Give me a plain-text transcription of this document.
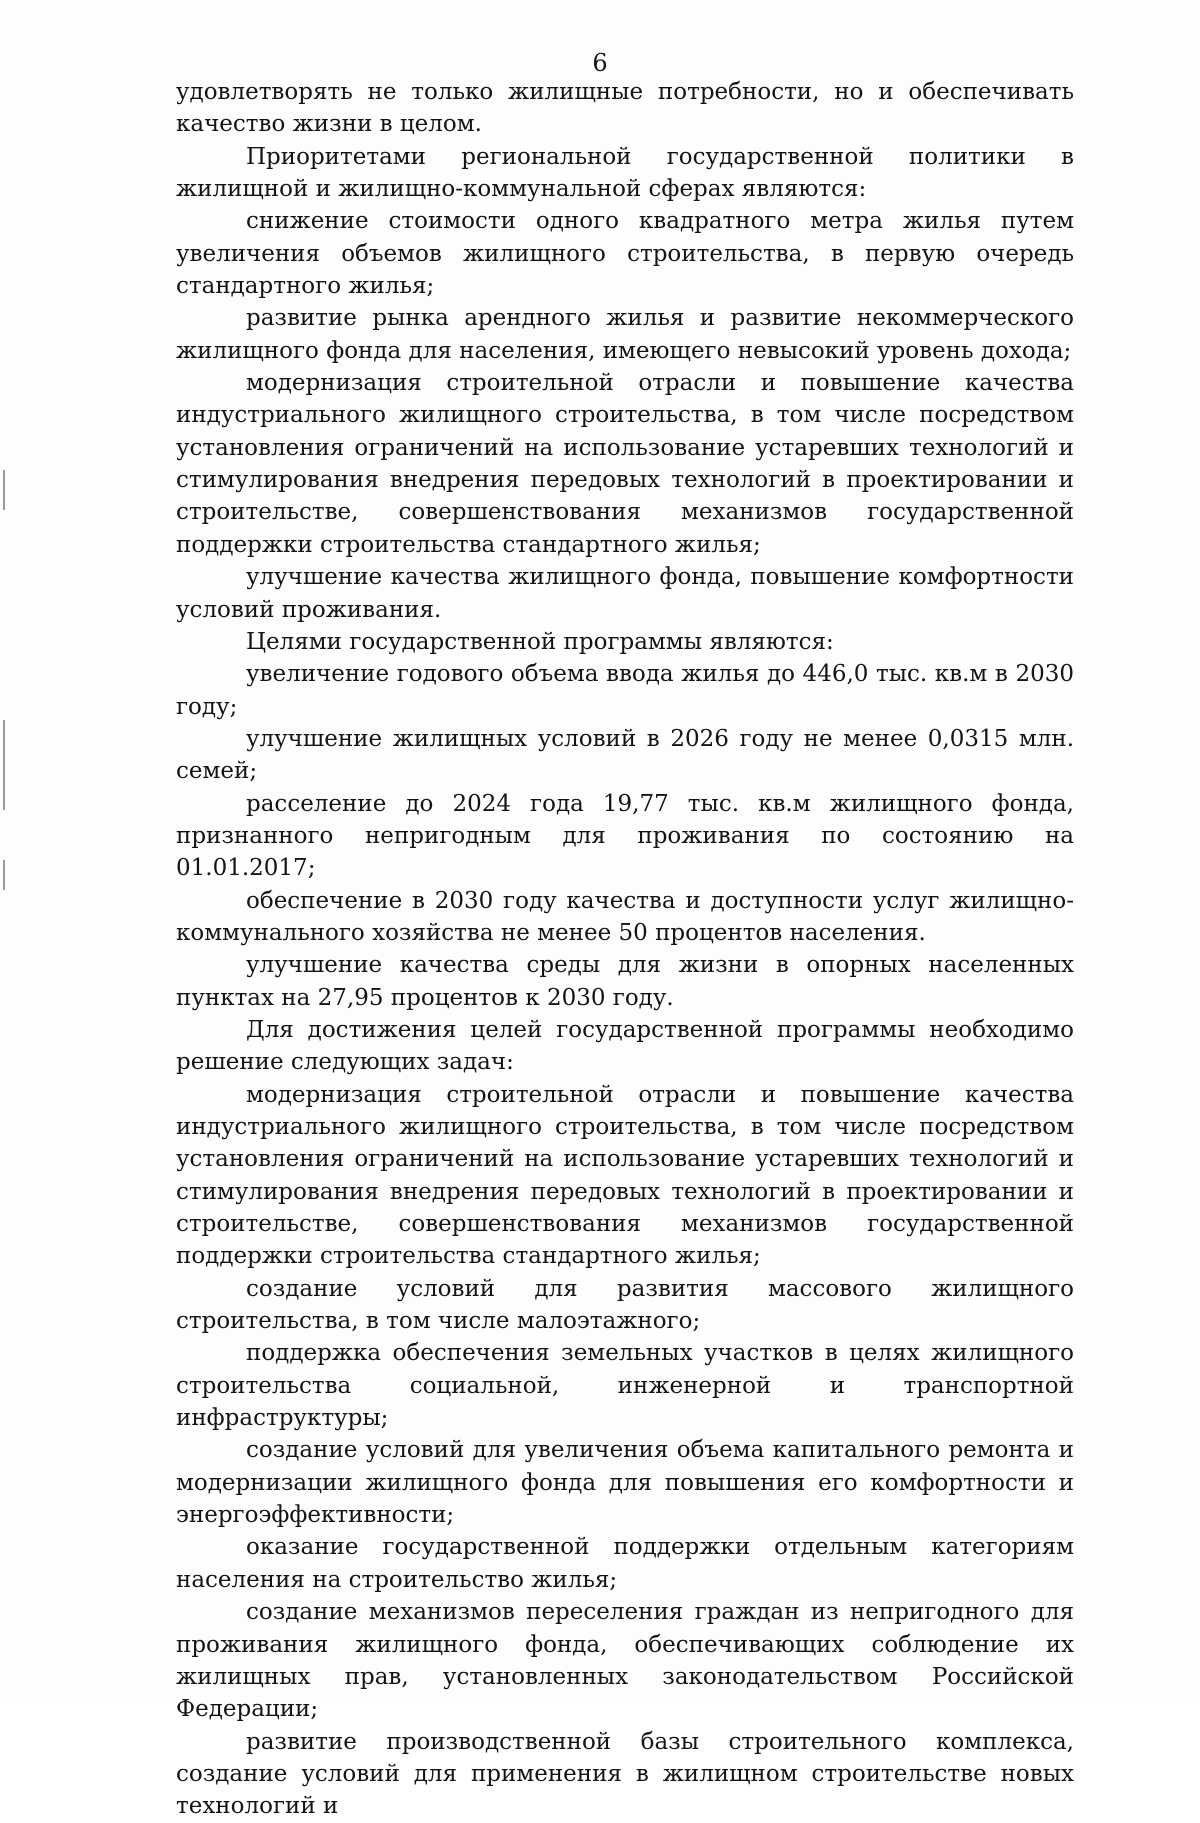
6

удовлетворять не только жилищные потребности, но и обеспечивать качество жизни в целом.

Приоритетами региональной государственной политики в жилищной и жилищно-коммунальной сферах являются:

снижение стоимости одного квадратного метра жилья путем увеличения объемов жилищного строительства, в первую очередь стандартного жилья;

развитие рынка арендного жилья и развитие некоммерческого жилищного фонда для населения, имеющего невысокий уровень дохода;

модернизация строительной отрасли и повышение качества индустриального жилищного строительства, в том числе посредством установления ограничений на использование устаревших технологий и стимулирования внедрения передовых технологий в проектировании и строительстве, совершенствования механизмов государственной поддержки строительства стандартного жилья;

улучшение качества жилищного фонда, повышение комфортности условий проживания.

Целями государственной программы являются:

увеличение годового объема ввода жилья до 446,0 тыс. кв.м в 2030 году;

улучшение жилищных условий в 2026 году не менее 0,0315 млн. семей;

расселение до 2024 года 19,77 тыс. кв.м жилищного фонда, признанного непригодным для проживания по состоянию на 01.01.2017;

обеспечение в 2030 году качества и доступности услуг жилищно-коммунального хозяйства не менее 50 процентов населения.

улучшение качества среды для жизни в опорных населенных пунктах на 27,95 процентов к 2030 году.

Для достижения целей государственной программы необходимо решение следующих задач:

модернизация строительной отрасли и повышение качества индустриального жилищного строительства, в том числе посредством установления ограничений на использование устаревших технологий и стимулирования внедрения передовых технологий в проектировании и строительстве, совершенствования механизмов государственной поддержки строительства стандартного жилья;

создание условий для развития массового жилищного строительства, в том числе малоэтажного;

поддержка обеспечения земельных участков в целях жилищного строительства социальной, инженерной и транспортной инфраструктуры;

создание условий для увеличения объема капитального ремонта и модернизации жилищного фонда для повышения его комфортности и энергоэффективности;

оказание государственной поддержки отдельным категориям населения на строительство жилья;

создание механизмов переселения граждан из непригодного для проживания жилищного фонда, обеспечивающих соблюдение их жилищных прав, установленных законодательством Российской Федерации;

развитие производственной базы строительного комплекса, создание условий для применения в жилищном строительстве новых технологий и
